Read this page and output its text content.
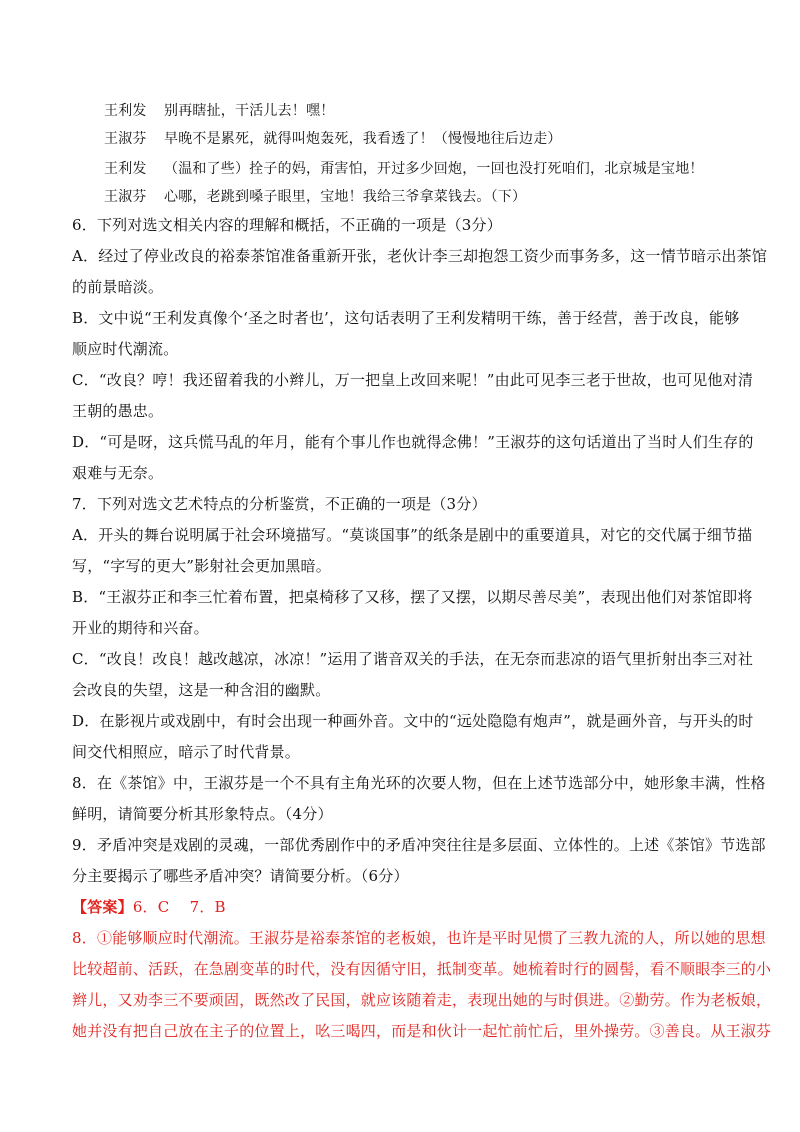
王利发 别再瞎扯，干活儿去！嘿！
王淑芬 早晚不是累死，就得叫炮轰死，我看透了！（慢慢地往后边走）
王利发 （温和了些）拴子的妈，甭害怕，开过多少回炮，一回也没打死咱们，北京城是宝地！
王淑芬 心哪，老跳到嗓子眼里，宝地！我给三爷拿菜钱去。（下）
6．下列对选文相关内容的理解和概括，不正确的一项是（3分）
A．经过了停业改良的裕泰茶馆准备重新开张，老伙计李三却抱怨工资少而事务多，这一情节暗示出茶馆
的前景暗淡。
B．文中说“王利发真像个‘圣之时者也’，这句话表明了王利发精明干练，善于经营，善于改良，能够
顺应时代潮流。
C．“改良？哼！我还留着我的小辫儿，万一把皇上改回来呢！”由此可见李三老于世故，也可见他对清
王朝的愚忠。
D．“可是呀，这兵慌马乱的年月，能有个事儿作也就得念佛！”王淑芬的这句话道出了当时人们生存的
艰难与无奈。
7．下列对选文艺术特点的分析鉴赏，不正确的一项是（3分）
A．开头的舞台说明属于社会环境描写。“莫谈国事”的纸条是剧中的重要道具，对它的交代属于细节描
写，“字写的更大”影射社会更加黑暗。
B．“王淑芬正和李三忙着布置，把桌椅移了又移，摆了又摆，以期尽善尽美”，表现出他们对茶馆即将
开业的期待和兴奋。
C．“改良！改良！越改越凉，冰凉！”运用了谐音双关的手法，在无奈而悲凉的语气里折射出李三对社
会改良的失望，这是一种含泪的幽默。
D．在影视片或戏剧中，有时会出现一种画外音。文中的“远处隐隐有炮声”，就是画外音，与开头的时
间交代相照应，暗示了时代背景。
8．在《茶馆》中，王淑芬是一个不具有主角光环的次要人物，但在上述节选部分中，她形象丰满，性格
鲜明，请简要分析其形象特点。（4分）
9．矛盾冲突是戏剧的灵魂，一部优秀剧作中的矛盾冲突往往是多层面、立体性的。上述《茶馆》节选部
分主要揭示了哪些矛盾冲突？请简要分析。（6分）
【答案】6．C　 7．B
8．①能够顺应时代潮流。王淑芬是裕泰茶馆的老板娘，也许是平时见惯了三教九流的人，所以她的思想
比较超前、活跃，在急剧变革的时代，没有因循守旧，抵制变革。她梳着时行的圆髻，看不顺眼李三的小
辫儿，又劝李三不要顽固，既然改了民国，就应该随着走，表现出她的与时俱进。②勤劳。作为老板娘，
她并没有把自己放在主子的位置上，吆三喝四，而是和伙计一起忙前忙后，里外操劳。③善良。从王淑芬
